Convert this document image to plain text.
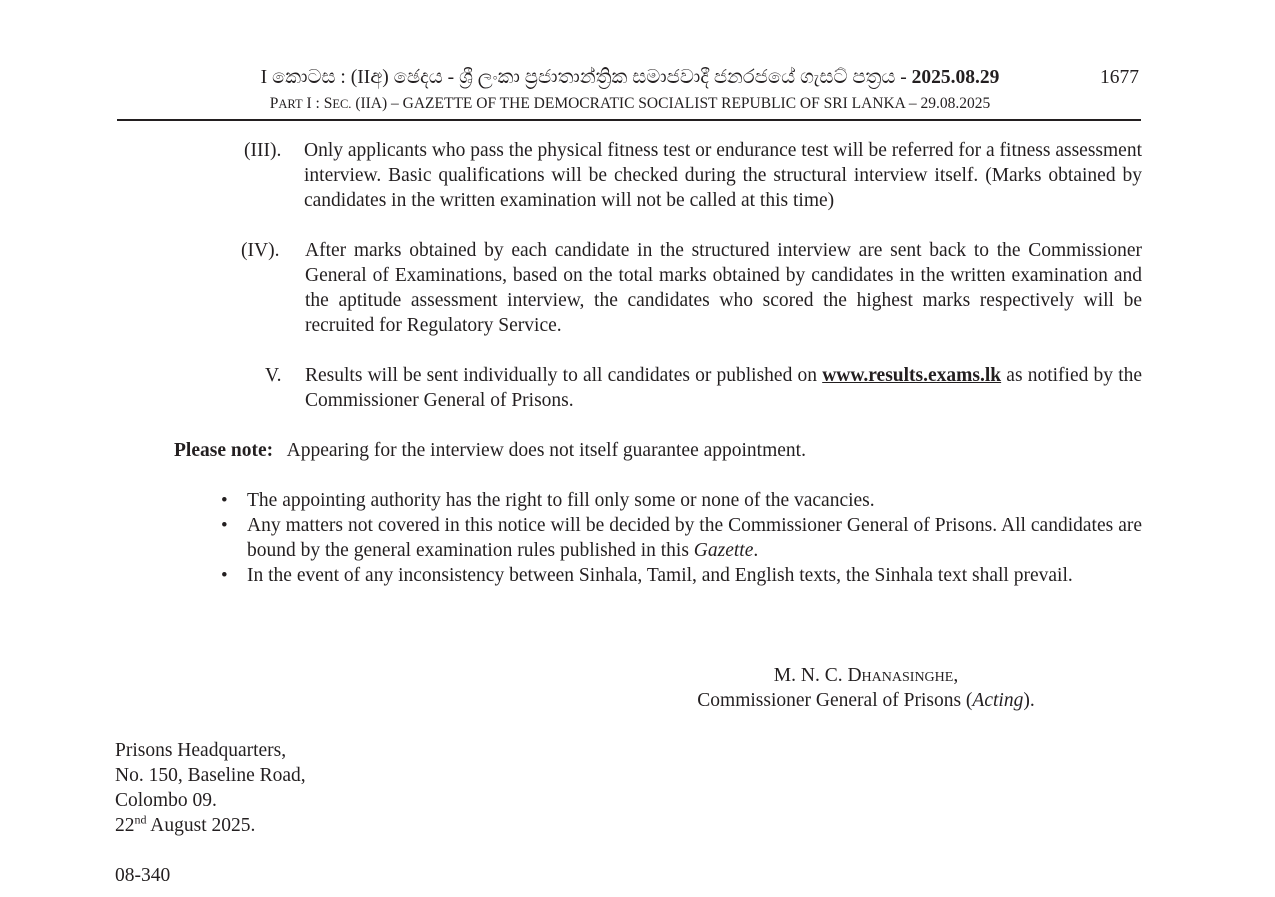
I කොටස : (IIඅ) ඡෙදය - ශ්‍රී ලංකා ප්‍රජාතාන්ත්‍රික සමාජවාදී ජනරජයේ ගැසට් පත්‍රය - 2025.08.29	1677
PART I : SEC. (IIA) – GAZETTE OF THE DEMOCRATIC SOCIALIST REPUBLIC OF SRI LANKA – 29.08.2025
(III). Only applicants who pass the physical fitness test or endurance test will be referred for a fitness assessment interview. Basic qualifications will be checked during the structural interview itself. (Marks obtained by candidates in the written examination will not be called at this time)
(IV). After marks obtained by each candidate in the structured interview are sent back to the Commissioner General of Examinations, based on the total marks obtained by candidates in the written examination and the aptitude assessment interview, the candidates who scored the highest marks respectively will be recruited for Regulatory Service.
V. Results will be sent individually to all candidates or published on www.results.exams.lk as notified by the Commissioner General of Prisons.
Please note: Appearing for the interview does not itself guarantee appointment.
• The appointing authority has the right to fill only some or none of the vacancies.
• Any matters not covered in this notice will be decided by the Commissioner General of Prisons. All candidates are bound by the general examination rules published in this Gazette.
• In the event of any inconsistency between Sinhala, Tamil, and English texts, the Sinhala text shall prevail.
M. N. C. Dhanasinghe,
Commissioner General of Prisons (Acting).
Prisons Headquarters,
No. 150, Baseline Road,
Colombo 09.
22nd August 2025.
08-340
